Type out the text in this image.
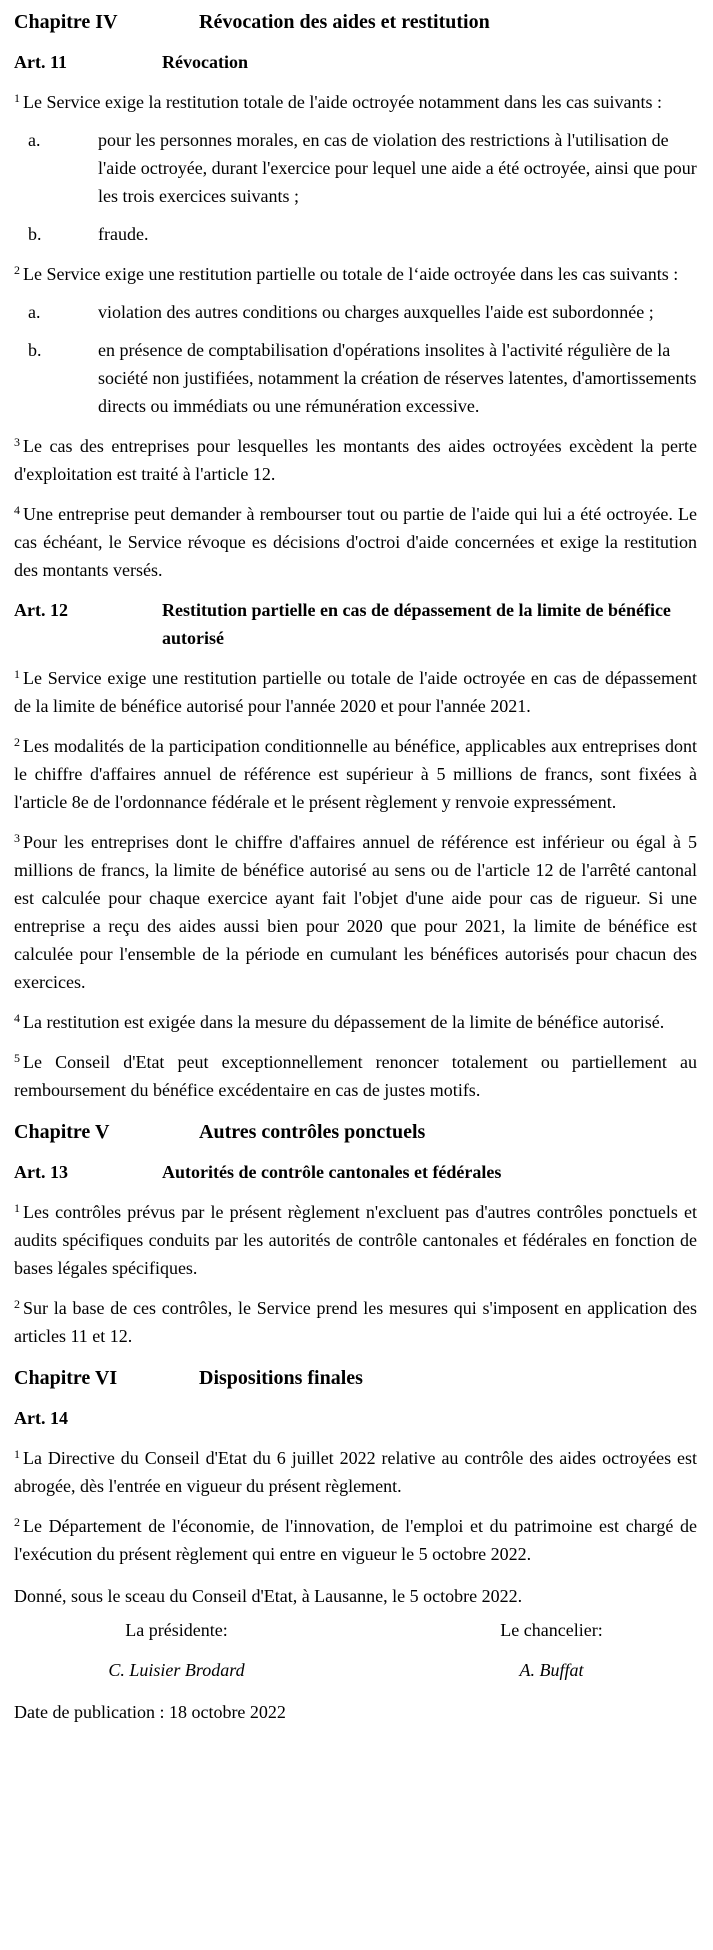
Chapitre IV	Révocation des aides et restitution
Art. 11	Révocation

$^1$ Le Service exige la restitution totale de l'aide octroyée notamment dans les cas suivants :

a.	pour les personnes morales, en cas de violation des restrictions à l'utilisation de l'aide octroyée, durant l'exercice pour lequel une aide a été octroyée, ainsi que pour les trois exercices suivants ;
b.	fraude.

$^2$ Le Service exige une restitution partielle ou totale de l‘aide octroyée dans les cas suivants :

a.	violation des autres conditions ou charges auxquelles l'aide est subordonnée ;
b.	en présence de comptabilisation d'opérations insolites à l'activité régulière de la société non justifiées, notamment la création de réserves latentes, d'amortissements directs ou immédiats ou une rémunération excessive.

$^3$ Le cas des entreprises pour lesquelles les montants des aides octroyées excèdent la perte d'exploitation est traité à l'article 12.

$^4$ Une entreprise peut demander à rembourser tout ou partie de l'aide qui lui a été octroyée. Le cas échéant, le Service révoque es décisions d'octroi d'aide concernées et exige la restitution des montants versés.

Art. 12	Restitution partielle en cas de dépassement de la limite de bénéfice autorisé

$^1$ Le Service exige une restitution partielle ou totale de l'aide octroyée en cas de dépassement de la limite de bénéfice autorisé pour l'année 2020 et pour l'année 2021.

$^2$ Les modalités de la participation conditionnelle au bénéfice, applicables aux entreprises dont le chiffre d'affaires annuel de référence est supérieur à 5 millions de francs, sont fixées à l'article 8e de l'ordonnance fédérale et le présent règlement y renvoie expressément.

$^3$ Pour les entreprises dont le chiffre d'affaires annuel de référence est inférieur ou égal à 5 millions de francs, la limite de bénéfice autorisé au sens ou de l'article 12 de l'arrêté cantonal est calculée pour chaque exercice ayant fait l'objet d'une aide pour cas de rigueur. Si une entreprise a reçu des aides aussi bien pour 2020 que pour 2021, la limite de bénéfice est calculée pour l'ensemble de la période en cumulant les bénéfices autorisés pour chacun des exercices.

$^4$ La restitution est exigée dans la mesure du dépassement de la limite de bénéfice autorisé.

$^5$ Le Conseil d'Etat peut exceptionnellement renoncer totalement ou partiellement au remboursement du bénéfice excédentaire en cas de justes motifs.

Chapitre V	Autres contrôles ponctuels
Art. 13	Autorités de contrôle cantonales et fédérales

$^1$ Les contrôles prévus par le présent règlement n'excluent pas d'autres contrôles ponctuels et audits spécifiques conduits par les autorités de contrôle cantonales et fédérales en fonction de bases légales spécifiques.

$^2$ Sur la base de ces contrôles, le Service prend les mesures qui s'imposent en application des articles 11 et 12.

Chapitre VI	Dispositions finales
Art. 14

$^1$ La Directive du Conseil d'Etat du 6 juillet 2022 relative au contrôle des aides octroyées est abrogée, dès l'entrée en vigueur du présent règlement.

$^2$ Le Département de l'économie, de l'innovation, de l'emploi et du patrimoine est chargé de l'exécution du présent règlement qui entre en vigueur le 5 octobre 2022.

Donné, sous le sceau du Conseil d'Etat, à Lausanne, le 5 octobre 2022.
La présidente:
C. Luisier Brodard
Le chancelier:
A. Buffat
Date de publication : 18 octobre 2022
